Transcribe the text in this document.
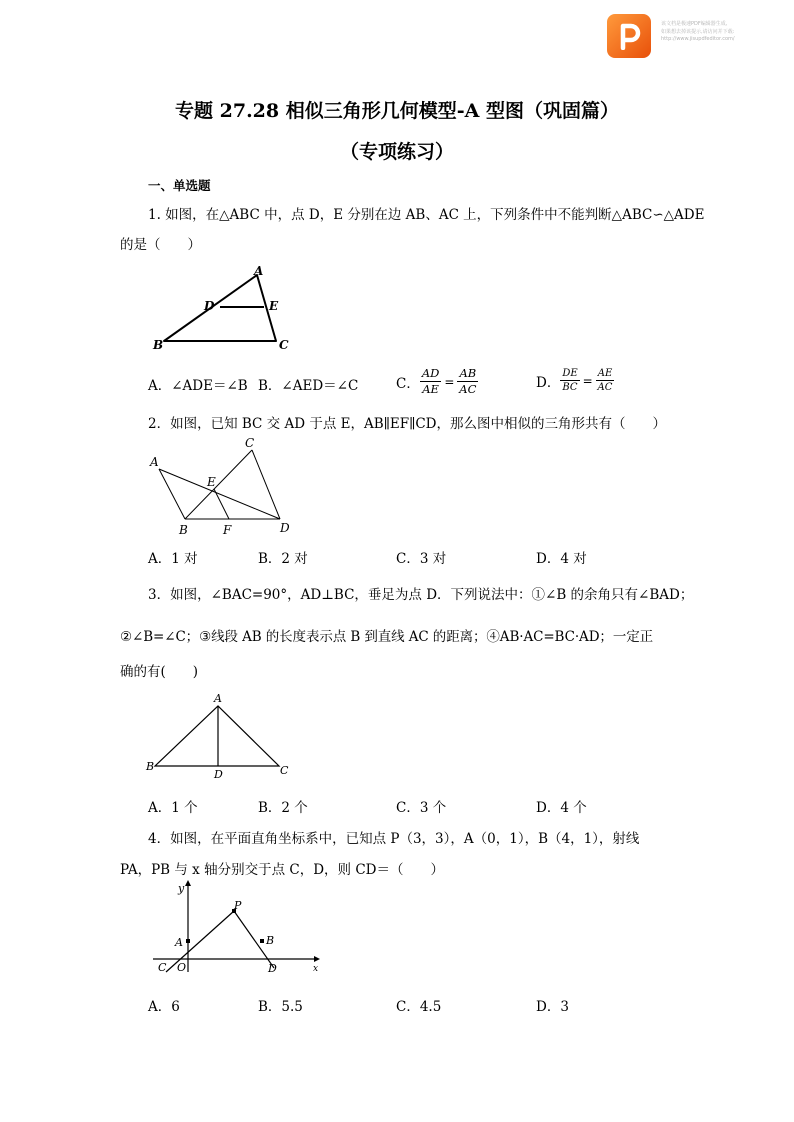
该文档是极速PDF编辑器生成,
如果想去掉该提示,请访问并下载:
http://www.jisupdfeditor.com/
专题 27.28 相似三角形几何模型-A 型图（巩固篇）
（专项练习）
一、单选题
1. 如图，在△ABC 中，点 D，E 分别在边 AB、AC 上，下列条件中不能判断△ABC∽△ADE
的是（　　）
A
D	E
B	C
A．∠ADE＝∠B B．∠AED＝∠C	C． $\frac{AD}{AE} = \frac{AB}{AC}$	D． $\frac{DE}{BC} = \frac{AE}{AC}$
2．如图，已知 BC 交 AD 于点 E，AB∥EF∥CD，那么图中相似的三角形共有（　　）
C
A
E
B	F	D
A．1 对	B．2 对	C．3 对	D．4 对
3．如图，∠BAC=90°，AD⊥BC，垂足为点 D．下列说法中：①∠B 的余角只有∠BAD；
②∠B=∠C；③线段 AB 的长度表示点 B 到直线 AC 的距离；④AB·AC=BC·AD；一定正
确的有(　　)
A
B
D	C
A．1 个	B．2 个	C．3 个	D．4 个
4．如图，在平面直角坐标系中，已知点 P（3，3），A（0，1），B（4，1），射线
PA，PB 与 x 轴分别交于点 C，D，则 CD＝（　　）
y
P
A	B
C O	D	x
A．6	B．5.5	C．4.5	D．3
